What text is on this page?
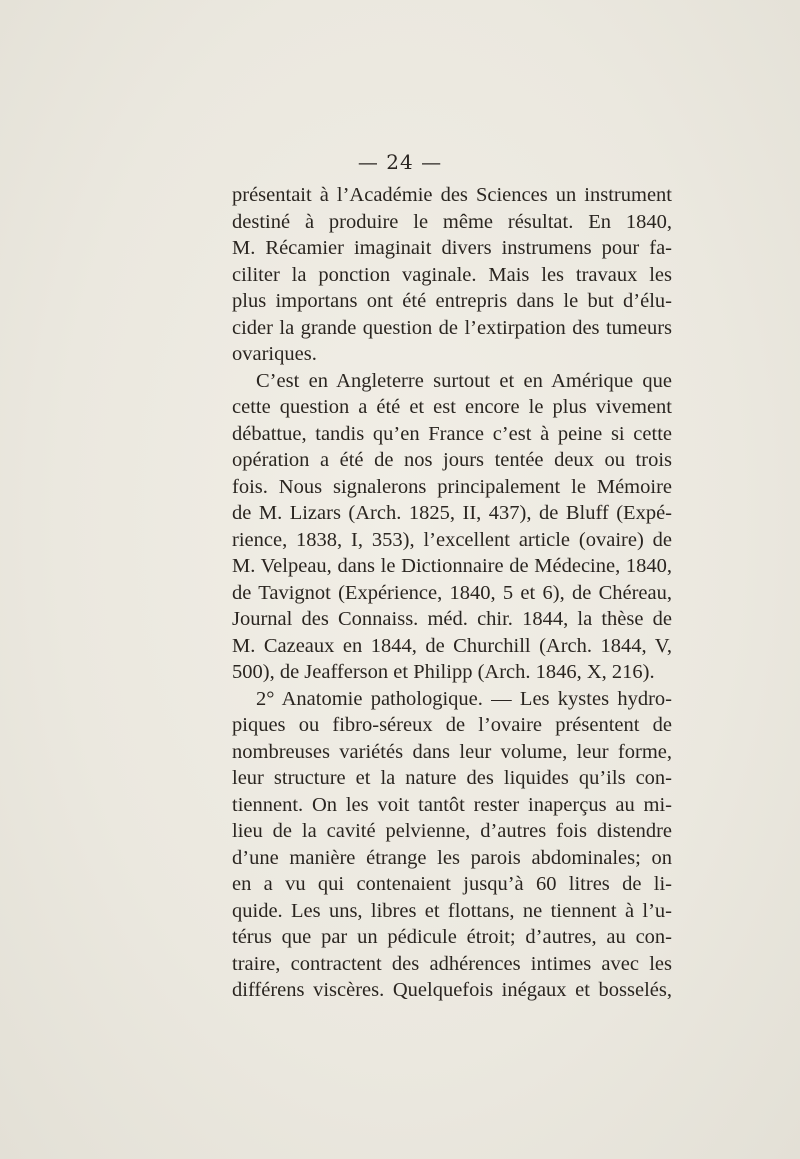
— 24 —
présentait à l’Académie des Sciences un instrument
destiné à produire le même résultat. En 1840,
M. Récamier imaginait divers instrumens pour fa-
ciliter la ponction vaginale. Mais les travaux les
plus importans ont été entrepris dans le but d’élu-
cider la grande question de l’extirpation des tumeurs
ovariques.
C’est en Angleterre surtout et en Amérique que
cette question a été et est encore le plus vivement
débattue, tandis qu’en France c’est à peine si cette
opération a été de nos jours tentée deux ou trois
fois. Nous signalerons principalement le Mémoire
de M. Lizars (Arch. 1825, II, 437), de Bluff (Expé-
rience, 1838, I, 353), l’excellent article (ovaire) de
M. Velpeau, dans le Dictionnaire de Médecine, 1840,
de Tavignot (Expérience, 1840, 5 et 6), de Chéreau,
Journal des Connaiss. méd. chir. 1844, la thèse de
M. Cazeaux en 1844, de Churchill (Arch. 1844, V,
500), de Jeafferson et Philipp (Arch. 1846, X, 216).
2° Anatomie pathologique. — Les kystes hydro-
piques ou fibro-séreux de l’ovaire présentent de
nombreuses variétés dans leur volume, leur forme,
leur structure et la nature des liquides qu’ils con-
tiennent. On les voit tantôt rester inaperçus au mi-
lieu de la cavité pelvienne, d’autres fois distendre
d’une manière étrange les parois abdominales; on
en a vu qui contenaient jusqu’à 60 litres de li-
quide. Les uns, libres et flottans, ne tiennent à l’u-
térus que par un pédicule étroit; d’autres, au con-
traire, contractent des adhérences intimes avec les
différens viscères. Quelquefois inégaux et bosselés,
